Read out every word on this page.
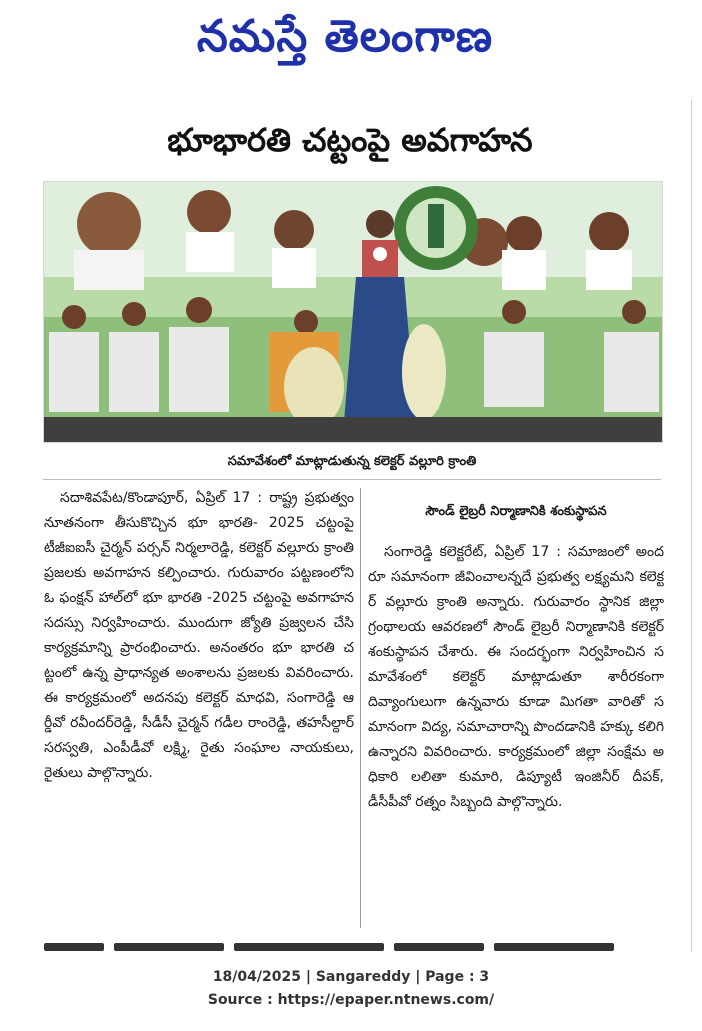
నమస్తే తెలంగాణ
భూభారతి చట్టంపై అవగాహన
సమావేశంలో మాట్లాడుతున్న కలెక్టర్ వల్లూరి క్రాంతి

సదాశివపేట/కొండాపూర్, ఏప్రిల్ 17 : రాష్ట్ర ప్రభుత్వం నూతనంగా తీసుకొచ్చిన భూ భారతి- 2025 చట్టంపై టీజీఐఐసీ చైర్మన్ పర్సన్ నిర్మలారెడ్డి, కలెక్టర్ వల్లూరు క్రాంతి ప్రజలకు అవగాహన కల్పించారు. గురువారం పట్టణంలోని ఓ ఫంక్షన్ హాల్‌లో భూ భారతి -2025 చట్టంపై అవగాహన సదస్సు నిర్వహించారు. ముందుగా జ్యోతి ప్రజ్వలన చేసి కార్యక్రమాన్ని ప్రారంభించారు. అనంతరం భూ భారతి చట్టంలో ఉన్న ప్రాధాన్యత అంశాలను ప్రజలకు వివరించారు. ఈ కార్యక్రమంలో అదనపు కలెక్టర్ మాధవి, సంగారెడ్డి ఆర్డీవో రవీందర్‌రెడ్డి, సీడీసీ చైర్మన్ గడీల రాంరెడ్డి, తహసీల్దార్ సరస్వతి, ఎంపీడీవో లక్ష్మి, రైతు సంఘాల నాయకులు, రైతులు పాల్గొన్నారు.

సౌండ్ లైబ్రరీ నిర్మాణానికి శంకుస్థాపన

సంగారెడ్డి కలెక్టరేట్, ఏప్రిల్ 17 : సమాజంలో అందరూ సమానంగా జీవించాలన్నదే ప్రభుత్వ లక్ష్యమని కలెక్టర్ వల్లూరు క్రాంతి అన్నారు. గురువారం స్థానిక జిల్లా గ్రంథాలయ ఆవరణలో సౌండ్ లైబ్రరీ నిర్మాణానికి కలెక్టర్ శంకుస్థాపన చేశారు. ఈ సందర్భంగా నిర్వహించిన సమావేశంలో కలెక్టర్ మాట్లాడుతూ శారీరకంగా దివ్యాంగులుగా ఉన్నవారు కూడా మిగతా వారితో సమానంగా విద్య, సమాచారాన్ని పొందడానికి హక్కు కలిగి ఉన్నారని వివరించారు. కార్యక్రమంలో జిల్లా సంక్షేమ అధికారి లలితా కుమారి, డిప్యూటీ ఇంజినీర్ దీపక్, డీసీపీవో రత్నం సిబ్బంది పాల్గొన్నారు.

18/04/2025 | Sangareddy | Page : 3
Source : https://epaper.ntnews.com/
